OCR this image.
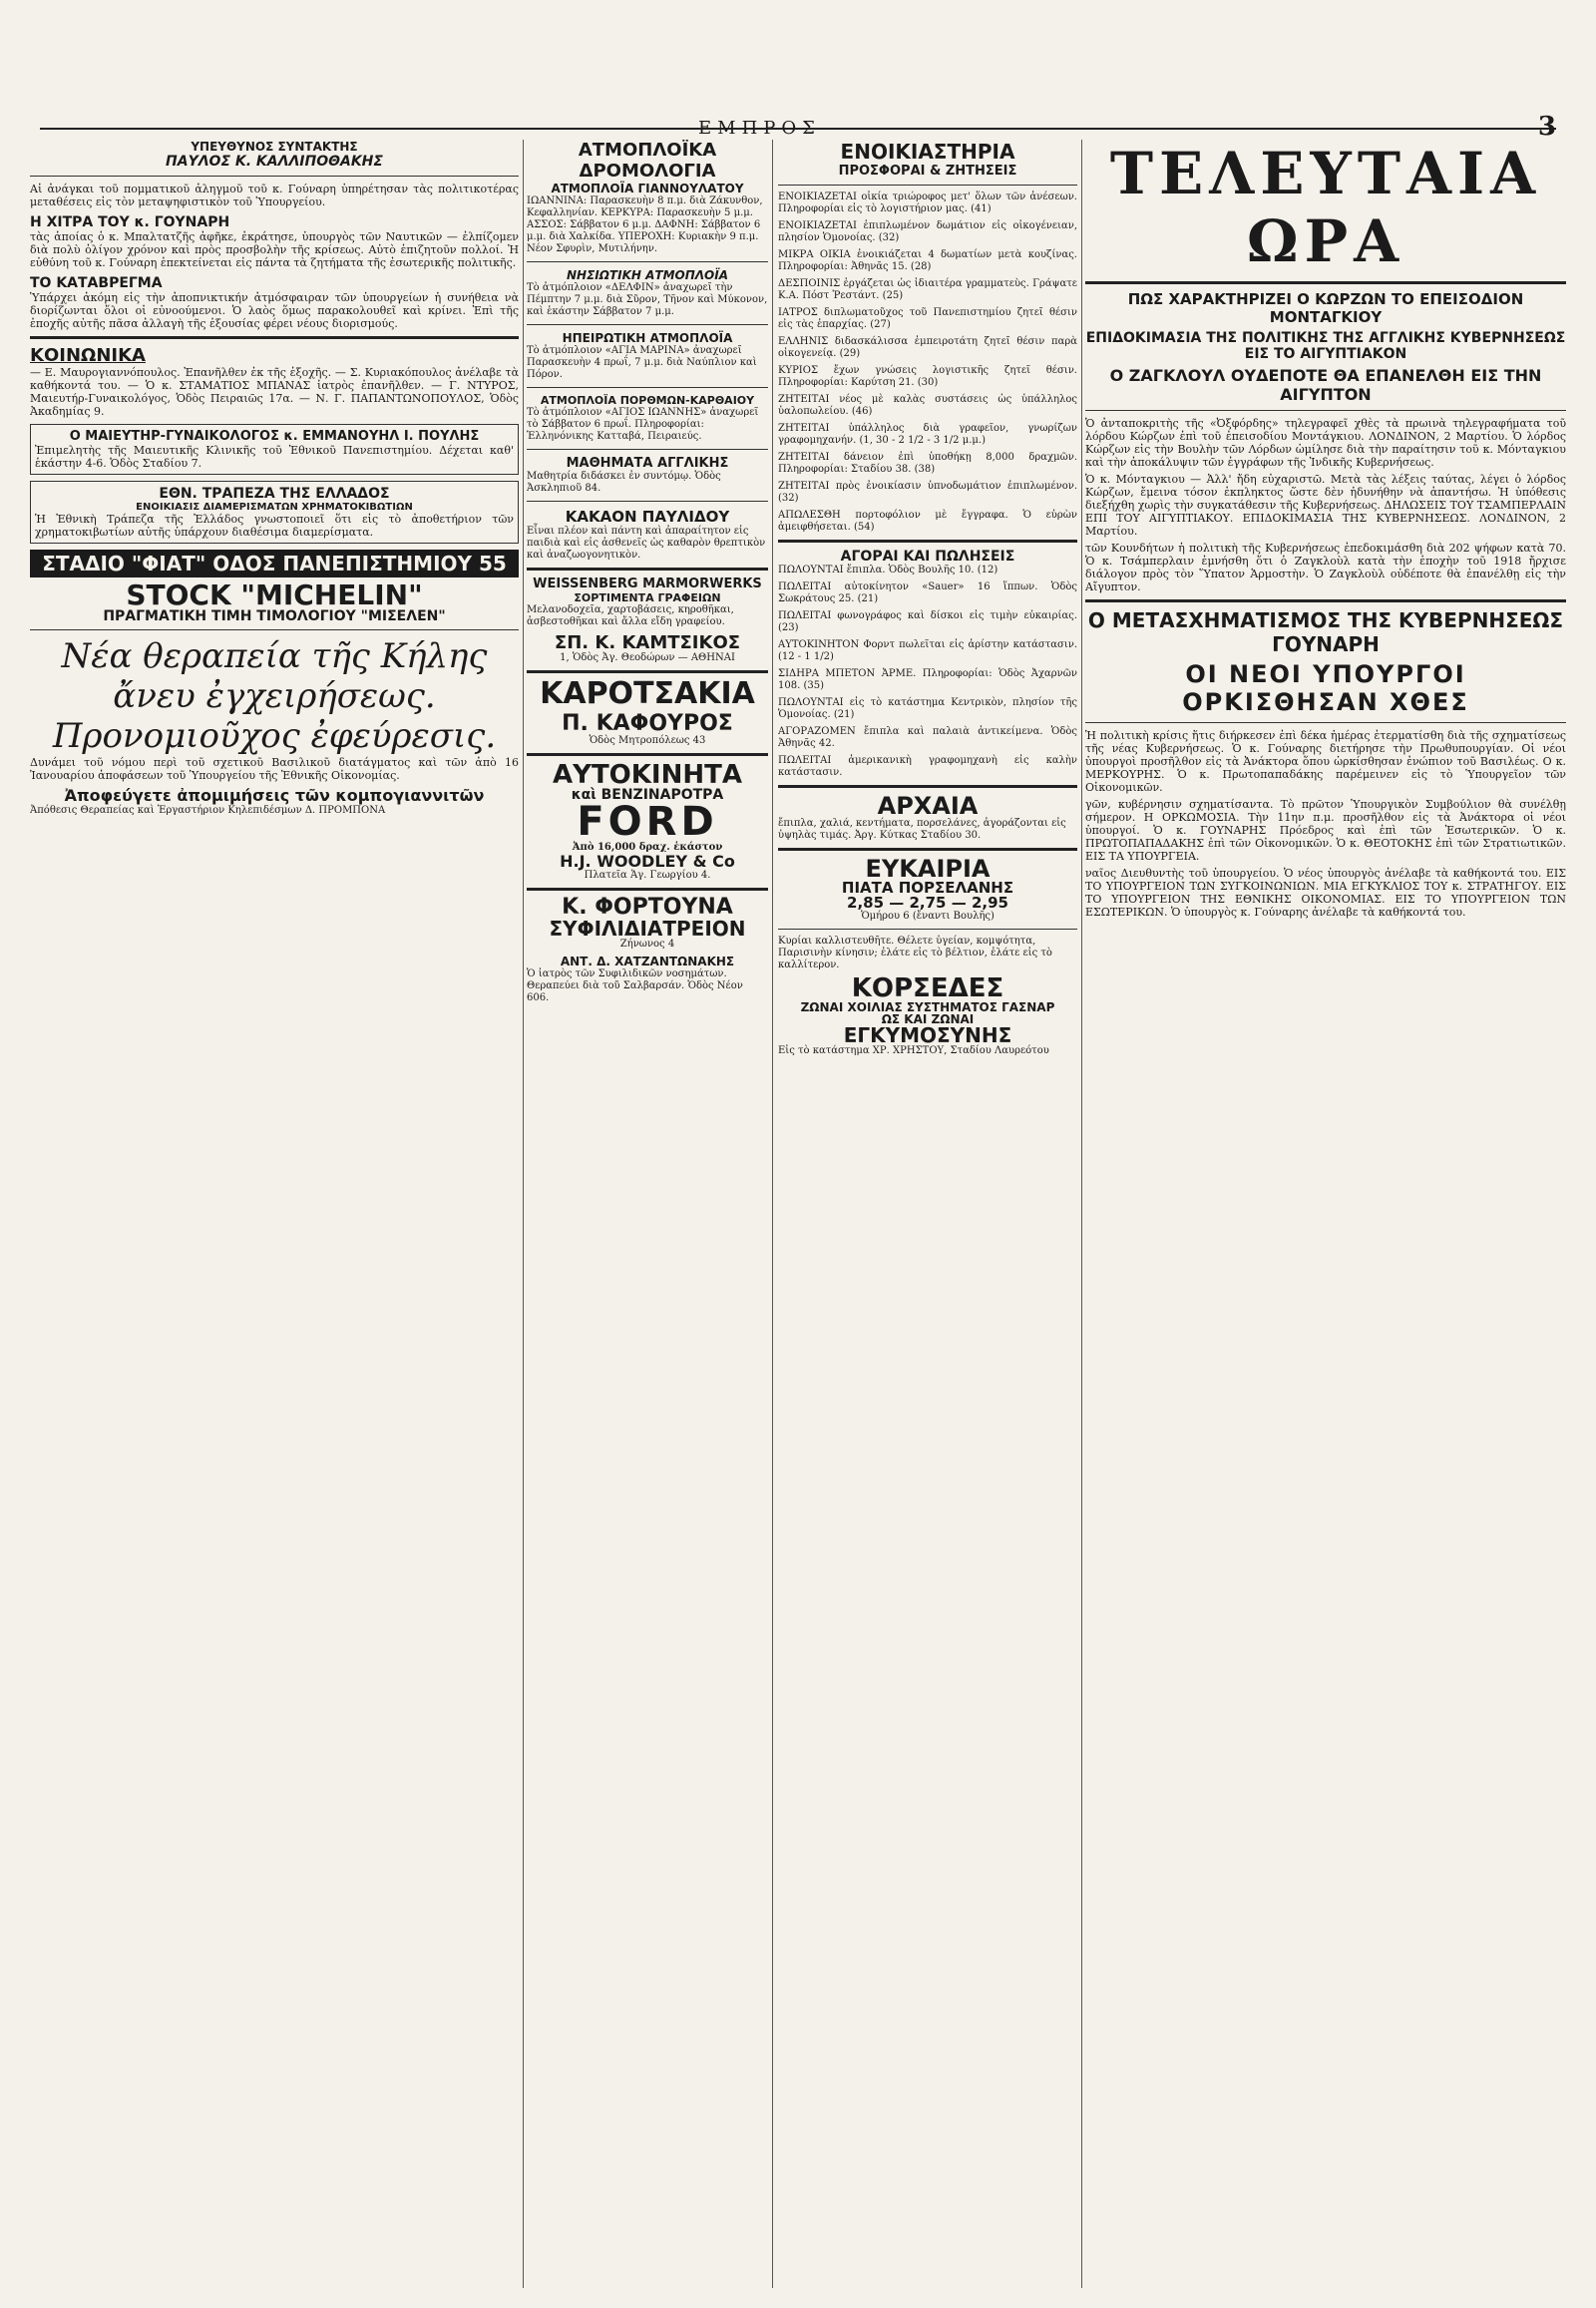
ΕΜΠΡΟΣ	3
ΥΠΕΥΘΥΝΟΣ ΣΥΝΤΑΚΤΗΣ
ΠΑΥΛΟΣ Κ. ΚΑΛΛΙΠΟΘΑΚΗΣ

Αἱ ἀνάγκαι τοῦ πομματικοῦ ἀληγμοῦ τοῦ κ. Γούναρη ὑπηρέτησαν τὰς πολιτικοτέρας μεταθέσεις εἰς τὸν μεταψηφιστικὸν τοῦ Ὑπουργείου.

Η ΧΙΤΡΑ ΤΟΥ κ. ΓΟΥΝΑΡΗ

τὰς ἀποίας ὁ κ. Μπαλτατζῆς ἀφῆκε, ἐκράτησε, ὑπουργὸς τῶν Ναυτικῶν — ἐλπίζομεν διὰ πολὺ ὀλίγον χρόνον καὶ πρὸς προσβολὴν τῆς κρίσεως. Αὐτὸ ἐπιζητοῦν πολλοί. Ἡ εὐθύνη τοῦ κ. Γούναρη ἐπεκτείνεται εἰς πάντα τὰ ζητήματα τῆς ἐσωτερικῆς πολιτικῆς.

ΤΟ ΚΑΤΑΒΡΕΓΜΑ

Ὑπάρχει ἀκόμη εἰς τὴν ἀποπνικτικήν ἀτμόσφαιραν τῶν ὑπουργείων ἡ συνήθεια νὰ διορίζωνται ὅλοι οἱ εὐνοούμενοι. Ὁ λαὸς ὅμως παρακολουθεῖ καὶ κρίνει. Ἐπὶ τῆς ἐποχῆς αὐτῆς πᾶσα ἀλλαγὴ τῆς ἐξουσίας φέρει νέους διορισμούς.

ΚΟΙΝΩΝΙΚΑ

— Ε. Μαυρογιαννόπουλος. Ἐπανῆλθεν ἐκ τῆς ἐξοχῆς. — Σ. Κυριακόπουλος ἀνέλαβε τὰ καθήκοντά του. — Ὁ κ. ΣΤΑΜΑΤΙΟΣ ΜΠΑΝΑΣ ἰατρὸς ἐπανῆλθεν. — Γ. ΝΤΥΡΟΣ, Μαιευτήρ-Γυναικολόγος, Ὁδὸς Πειραιῶς 17α. — Ν. Γ. ΠΑΠΑΝΤΩΝΟΠΟΥΛΟΣ, Ὁδὸς Ἀκαδημίας 9.

Ο ΜΑΙΕΥΤΗΡ-ΓΥΝΑΙΚΟΛΟΓΟΣ κ. ΕΜΜΑΝΟΥΗΛ Ι. ΠΟΥΛΗΣ

Ἐπιμελητὴς τῆς Μαιευτικῆς Κλινικῆς τοῦ Ἐθνικοῦ Πανεπιστημίου. Δέχεται καθ' ἑκάστην 4-6. Ὁδὸς Σταδίου 7.

ΕΘΝ. ΤΡΑΠΕΖΑ ΤΗΣ ΕΛΛΑΔΟΣ
ΕΝΟΙΚΙΑΣΙΣ ΔΙΑΜΕΡΙΣΜΑΤΩΝ ΧΡΗΜΑΤΟΚΙΒΩΤΙΩΝ

Ἡ Ἐθνικὴ Τράπεζα τῆς Ἑλλάδος γνωστοποιεῖ ὅτι εἰς τὸ ἀποθετήριον τῶν χρηματοκιβωτίων αὐτῆς ὑπάρχουν διαθέσιμα διαμερίσματα.

ΣΤΑΔΙΟ "ΦΙΑΤ" ΟΔΟΣ ΠΑΝΕΠΙΣΤΗΜΙΟΥ 55
STOCK "MICHELIN"
ΠΡΑΓΜΑΤΙΚΗ ΤΙΜΗ ΤΙΜΟΛΟΓΙΟΥ "ΜΙΣΕΛΕΝ"
Νέα θεραπεία τῆς Κήλης
ἄνευ ἐγχειρήσεως.
Προνομιοῦχος ἐφεύρεσις.

Δυνάμει τοῦ νόμου περὶ τοῦ σχετικοῦ Βασιλικοῦ διατάγματος καὶ τῶν ἀπὸ 16 Ἰανουαρίου ἀποφάσεων τοῦ Ὑπουργείου τῆς Ἐθνικῆς Οἰκονομίας.

Ἀποφεύγετε ἀπομιμήσεις τῶν κομπογιαννιτῶν

Ἀπόθεσις Θεραπείας καὶ Ἐργαστήριον Κηλεπιδέσμων Δ. ΠΡΟΜΠΟΝΑ

ΑΤΜΟΠΛΟΪΚΑ ΔΡΟΜΟΛΟΓΙΑ
ΑΤΜΟΠΛΟΪΑ ΓΙΑΝΝΟΥΛΑΤΟΥ

ΙΩΑΝΝΙΝΑ: Παρασκευὴν 8 π.μ. διὰ Ζάκυνθον, Κεφαλληνίαν. ΚΕΡΚΥΡΑ: Παρασκευὴν 5 μ.μ. ΑΣΣΟΣ: Σάββατον 6 μ.μ. ΔΑΦΝΗ: Σάββατον 6 μ.μ. διὰ Χαλκίδα. ΥΠΕΡΟΧΗ: Κυριακὴν 9 π.μ. Νέον Σφυρὶν, Μυτιλήνην.

ΝΗΣΙΩΤΙΚΗ ΑΤΜΟΠΛΟΪΑ

Τὸ ἀτμόπλοιον «ΔΕΛΦΙΝ» ἀναχωρεῖ τὴν Πέμπτην 7 μ.μ. διὰ Σῦρον, Τῆνον καὶ Μύκονον, καὶ ἑκάστην Σάββατον 7 μ.μ.

ΗΠΕΙΡΩΤΙΚΗ ΑΤΜΟΠΛΟΪΑ

Τὸ ἀτμόπλοιον «ΑΓΙΑ ΜΑΡΙΝΑ» ἀναχωρεῖ Παρασκευὴν 4 πρωΐ, 7 μ.μ. διὰ Ναύπλιον καὶ Πόρον.

ΑΤΜΟΠΛΟΪΑ ΠΟΡΘΜΩΝ-ΚΑΡΘΑΙΟΥ

Τὸ ἀτμόπλοιον «ΑΓΙΟΣ ΙΩΑΝΝΗΣ» ἀναχωρεῖ τὸ Σάββατον 6 πρωΐ. Πληροφορίαι: Ἑλληνόνικης Κατταβά, Πειραιεύς.

ΜΑΘΗΜΑΤΑ ΑΓΓΛΙΚΗΣ

Μαθητρία διδάσκει ἐν συντόμῳ. Ὁδὸς Ἀσκληπιοῦ 84.

ΚΑΚΑΟΝ ΠΑΥΛΙΔΟΥ

Εἶναι πλέον καὶ πάντη καὶ ἀπαραίτητον εἰς παιδιὰ καὶ εἰς ἀσθενεῖς ὡς καθαρὸν θρεπτικὸν καὶ ἀναζωογονητικὸν.

WEISSENBERG MARMORWERKS
ΣΟΡΤΙΜΕΝΤΑ ΓΡΑΦΕΙΩΝ

Μελανοδοχεῖα, χαρτοβάσεις, κηροθῆκαι, ἀσβεστοθῆκαι καὶ ἄλλα εἴδη γραφείου.

ΣΠ. Κ. ΚΑΜΤΣΙΚΟΣ
1, Ὁδὸς Ἀγ. Θεοδώρων — ΑΘΗΝΑΙ
ΚΑΡΟΤΣΑΚΙΑ
Π. ΚΑΦΟΥΡΟΣ
Ὁδὸς Μητροπόλεως 43
ΑΥΤΟΚΙΝΗΤΑ
καὶ ΒΕΝΖΙΝΑΡΟΤΡΑ
FORD
Ἀπὸ 16,000 δραχ. ἑκάστον
H.J. WOODLEY & Co
Πλατεῖα Ἁγ. Γεωργίου 4.
Κ. ΦΟΡΤΟΥΝΑ
ΣΥΦΙΛΙΔΙΑΤΡΕΙΟΝ
Ζήνωνος 4
ΑΝΤ. Δ. ΧΑΤΖΑΝΤΩΝΑΚΗΣ

Ὁ ἰατρὸς τῶν Συφιλιδικῶν νοσημάτων. Θεραπεύει διὰ τοῦ Σαλβαρσάν. Ὁδὸς Νέον 606.

ΕΝΟΙΚΙΑΣΤΗΡΙΑ
ΠΡΟΣΦΟΡΑΙ & ΖΗΤΗΣΕΙΣ

ΕΝΟΙΚΙΑΖΕΤΑΙ οἰκία τριώροφος μετ' ὅλων τῶν ἀνέσεων. Πληροφορίαι εἰς τὸ λογιστήριον μας. (41)

ΕΝΟΙΚΙΑΖΕΤΑΙ ἐπιπλωμένον δωμάτιον εἰς οἰκογένειαν, πλησίον Ὁμονοίας. (32)

ΜΙΚΡΑ ΟΙΚΙΑ ἐνοικιάζεται 4 δωματίων μετὰ κουζίνας. Πληροφορίαι: Ἀθηνᾶς 15. (28)

ΔΕΣΠΟΙΝΙΣ ἐργάζεται ὡς ἰδιαιτέρα γραμματεὺς. Γράψατε Κ.Α. Πόστ Ῥεστάντ. (25)

ΙΑΤΡΟΣ διπλωματοῦχος τοῦ Πανεπιστημίου ζητεῖ θέσιν εἰς τὰς ἐπαρχίας. (27)

ΕΛΛΗΝΙΣ διδασκάλισσα ἐμπειροτάτη ζητεῖ θέσιν παρὰ οἰκογενείᾳ. (29)

ΚΥΡΙΟΣ ἔχων γνώσεις λογιστικῆς ζητεῖ θέσιν. Πληροφορίαι: Καρύτση 21. (30)

ΖΗΤΕΙΤΑΙ νέος μὲ καλὰς συστάσεις ὡς ὑπάλληλος ὑαλοπωλείου. (46)

ΖΗΤΕΙΤΑΙ ὑπάλληλος διὰ γραφεῖον, γνωρίζων γραφομηχανήν. (1, 30 - 2 1/2 - 3 1/2 μ.μ.)

ΖΗΤΕΙΤΑΙ δάνειον ἐπὶ ὑποθήκῃ 8,000 δραχμῶν. Πληροφορίαι: Σταδίου 38. (38)

ΖΗΤΕΙΤΑΙ πρὸς ἐνοικίασιν ὑπνοδωμάτιον ἐπιπλωμένον. (32)

ΑΠΩΛΕΣΘΗ πορτοφόλιον μὲ ἔγγραφα. Ὁ εὑρὼν ἀμειφθήσεται. (54)

ΑΓΟΡΑΙ ΚΑΙ ΠΩΛΗΣΕΙΣ

ΠΩΛΟΥΝΤΑΙ ἔπιπλα. Ὁδὸς Βουλῆς 10. (12)

ΠΩΛΕΙΤΑΙ αὐτοκίνητον «Sauer» 16 ἵππων. Ὁδὸς Σωκράτους 25. (21)

ΠΩΛΕΙΤΑΙ φωνογράφος καὶ δίσκοι εἰς τιμὴν εὐκαιρίας. (23)

ΑΥΤΟΚΙΝΗΤΟΝ Φορντ πωλεῖται εἰς ἀρίστην κατάστασιν. (12 - 1 1/2)

ΣΙΔΗΡΑ ΜΠΕΤΟΝ ἈΡΜΕ. Πληροφορίαι: Ὁδὸς Ἀχαρνῶν 108. (35)

ΠΩΛΟΥΝΤΑΙ εἰς τὸ κατάστημα Κεντρικὸν, πλησίον τῆς Ὁμονοίας. (21)

ΑΓΟΡΑΖΟΜΕΝ ἔπιπλα καὶ παλαιὰ ἀντικείμενα. Ὁδὸς Ἀθηνᾶς 42.

ΠΩΛΕΙΤΑΙ ἀμερικανικὴ γραφομηχανὴ εἰς καλὴν κατάστασιν.

ΑΡΧΑΙΑ

ἔπιπλα, χαλιά, κεντήματα, πορσελάνες, ἀγοράζονται εἰς ὑψηλὰς τιμάς. Ἀργ. Κύτκας Σταδίου 30.

ΕΥΚΑΙΡΙΑ
ΠΙΑΤΑ ΠΟΡΣΕΛΑΝΗΣ
2,85 — 2,75 — 2,95
Ὁμήρου 6 (ἔναντι Βουλῆς)

Κυρίαι καλλιστευθῆτε. Θέλετε ὑγείαν, κομψότητα, Παρισινὴν κίνησιν; ἐλάτε εἰς τὸ βέλτιον, ἐλάτε εἰς τὸ καλλίτερον.

ΚΟΡΣΕΔΕΣ
ΖΩΝΑΙ ΧΟΙΛΙΑΣ ΣΥΣΤΗΜΑΤΟΣ ΓΑΣΝΑΡ
ΩΣ ΚΑΙ ΖΩΝΑΙ
ΕΓΚΥΜΟΣΥΝΗΣ

Εἰς τὸ κατάστημα ΧΡ. ΧΡΗΣΤΟΥ, Σταδίου Λαυρεότου

ΤΕΛΕΥΤΑΙΑ ΩΡΑ
ΠΩΣ ΧΑΡΑΚΤΗΡΙΖΕΙ Ο ΚΩΡΖΩΝ ΤΟ ΕΠΕΙΣΟΔΙΟΝ ΜΟΝΤΑΓΚΙΟΥ
ΕΠΙΔΟΚΙΜΑΣΙΑ ΤΗΣ ΠΟΛΙΤΙΚΗΣ ΤΗΣ ΑΓΓΛΙΚΗΣ ΚΥΒΕΡΝΗΣΕΩΣ ΕΙΣ ΤΟ ΑΙΓΥΠΤΙΑΚΟΝ
Ο ΖΑΓΚΛΟΥΛ ΟΥΔΕΠΟΤΕ ΘΑ ΕΠΑΝΕΛΘΗ ΕΙΣ ΤΗΝ ΑΙΓΥΠΤΟΝ

Ὁ ἀνταποκριτὴς τῆς «Ὀξφόρδης» τηλεγραφεῖ χθὲς τὰ πρωινὰ τηλεγραφήματα τοῦ λόρδου Κώρζων ἐπὶ τοῦ ἐπεισοδίου Μοντάγκιου. ΛΟΝΔΙΝΟΝ, 2 Μαρτίου. Ὁ λόρδος Κώρζων εἰς τὴν Βουλὴν τῶν Λόρδων ὡμίλησε διὰ τὴν παραίτησιν τοῦ κ. Μόνταγκιου καὶ τὴν ἀποκάλυψιν τῶν ἐγγράφων τῆς Ἰνδικῆς Κυβερνήσεως.

Ὁ κ. Μόνταγκιου — Ἀλλ' ἤδη εὐχαριστῶ. Μετὰ τὰς λέξεις ταύτας, λέγει ὁ λόρδος Κώρζων, ἔμεινα τόσον ἐκπληκτος ὥστε δὲν ἠδυνήθην νὰ ἀπαντήσω. Ἡ ὑπόθεσις διεξήχθη χωρὶς τὴν συγκατάθεσιν τῆς Κυβερνήσεως. ΔΗΛΩΣΕΙΣ ΤΟΥ ΤΣΑΜΠΕΡΛΑΙΝ ΕΠΙ ΤΟΥ ΑΙΓΥΠΤΙΑΚΟΥ. ΕΠΙΔΟΚΙΜΑΣΙΑ ΤΗΣ ΚΥΒΕΡΝΗΣΕΩΣ. ΛΟΝΔΙΝΟΝ, 2 Μαρτίου.

τῶν Κουνδήτων ἡ πολιτικὴ τῆς Κυβερνήσεως ἐπεδοκιμάσθη διὰ 202 ψήφων κατὰ 70. Ὁ κ. Τσάμπερλαιν ἐμνήσθη ὅτι ὁ Ζαγκλοὺλ κατὰ τὴν ἐποχὴν τοῦ 1918 ἤρχισε διάλογον πρὸς τὸν Ὕπατον Ἁρμοστὴν. Ὁ Ζαγκλοὺλ οὐδέποτε θὰ ἐπανέλθῃ εἰς τὴν Αἴγυπτον.

Ο ΜΕΤΑΣΧΗΜΑΤΙΣΜΟΣ ΤΗΣ ΚΥΒΕΡΝΗΣΕΩΣ ΓΟΥΝΑΡΗ
ΟΙ ΝΕΟΙ ΥΠΟΥΡΓΟΙ ΟΡΚΙΣΘΗΣΑΝ ΧΘΕΣ

Ἡ πολιτικὴ κρίσις ἥτις διήρκεσεν ἐπὶ δέκα ἡμέρας ἐτερματίσθη διὰ τῆς σχηματίσεως τῆς νέας Κυβερνήσεως. Ὁ κ. Γούναρης διετήρησε τὴν Πρωθυπουργίαν. Οἱ νέοι ὑπουργοὶ προσῆλθον εἰς τὰ Ἀνάκτορα ὅπου ὡρκίσθησαν ἐνώπιον τοῦ Βασιλέως. Ο κ. ΜΕΡΚΟΥΡΗΣ. Ὁ κ. Πρωτοπαπαδάκης παρέμεινεν εἰς τὸ Ὑπουργεῖον τῶν Οἰκονομικῶν.

γῶν, κυβέρνησιν σχηματίσαντα. Τὸ πρῶτον Ὑπουργικὸν Συμβούλιον θὰ συνέλθῃ σήμερον. Η ΟΡΚΩΜΟΣΙΑ. Τὴν 11ην π.μ. προσῆλθον εἰς τὰ Ἀνάκτορα οἱ νέοι ὑπουργοί. Ὁ κ. ΓΟΥΝΑΡΗΣ Πρόεδρος καὶ ἐπὶ τῶν Ἐσωτερικῶν. Ὁ κ. ΠΡΩΤΟΠΑΠΑΔΑΚΗΣ ἐπὶ τῶν Οἰκονομικῶν. Ὁ κ. ΘΕΟΤΟΚΗΣ ἐπὶ τῶν Στρατιωτικῶν. ΕΙΣ ΤΑ ΥΠΟΥΡΓΕΙΑ.

ναῖος Διευθυντὴς τοῦ ὑπουργείου. Ὁ νέος ὑπουργὸς ἀνέλαβε τὰ καθήκοντά του. ΕΙΣ ΤΟ ΥΠΟΥΡΓΕΙΟΝ ΤΩΝ ΣΥΓΚΟΙΝΩΝΙΩΝ. ΜΙΑ ΕΓΚΥΚΛΙΟΣ ΤΟΥ κ. ΣΤΡΑΤΗΓΟΥ. ΕΙΣ ΤΟ ΥΠΟΥΡΓΕΙΟΝ ΤΗΣ ΕΘΝΙΚΗΣ ΟΙΚΟΝΟΜΙΑΣ. ΕΙΣ ΤΟ ΥΠΟΥΡΓΕΙΟΝ ΤΩΝ ΕΣΩΤΕΡΙΚΩΝ. Ὁ ὑπουργὸς κ. Γούναρης ἀνέλαβε τὰ καθήκοντά του.
